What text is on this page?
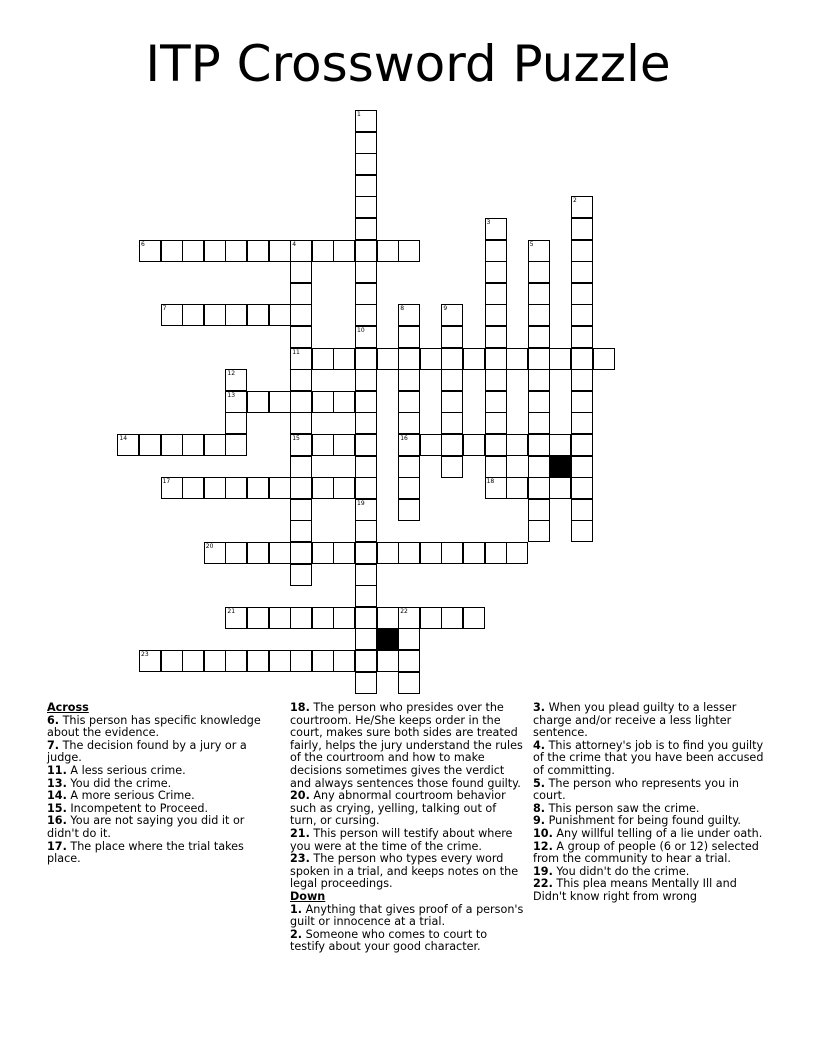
ITP Crossword Puzzle
6	4
7
11
13
14	15	16
17	18
20
21	22
23
1
10
2
3
5
8	9
12
19
Across
6. This person has specific knowledge about the evidence.
7. The decision found by a jury or a judge.
11. A less serious crime.
13. You did the crime.
14. A more serious Crime.
15. Incompetent to Proceed.
16. You are not saying you did it or didn't do it.
17. The place where the trial takes place.
18. The person who presides over the courtroom. He/She keeps order in the court, makes sure both sides are treated fairly, helps the jury understand the rules of the courtroom and how to make decisions sometimes gives the verdict and always sentences those found guilty.
20. Any abnormal courtroom behavior such as crying, yelling, talking out of turn, or cursing.
21. This person will testify about where you were at the time of the crime.
23. The person who types every word spoken in a trial, and keeps notes on the legal proceedings.
Down
1. Anything that gives proof of a person's guilt or innocence at a trial.
2. Someone who comes to court to testify about your good character.
3. When you plead guilty to a lesser charge and/or receive a less lighter sentence.
4. This attorney's job is to find you guilty of the crime that you have been accused of committing.
5. The person who represents you in court.
8. This person saw the crime.
9. Punishment for being found guilty.
10. Any willful telling of a lie under oath.
12. A group of people (6 or 12) selected from the community to hear a trial.
19. You didn't do the crime.
22. This plea means Mentally Ill and Didn't know right from wrong
